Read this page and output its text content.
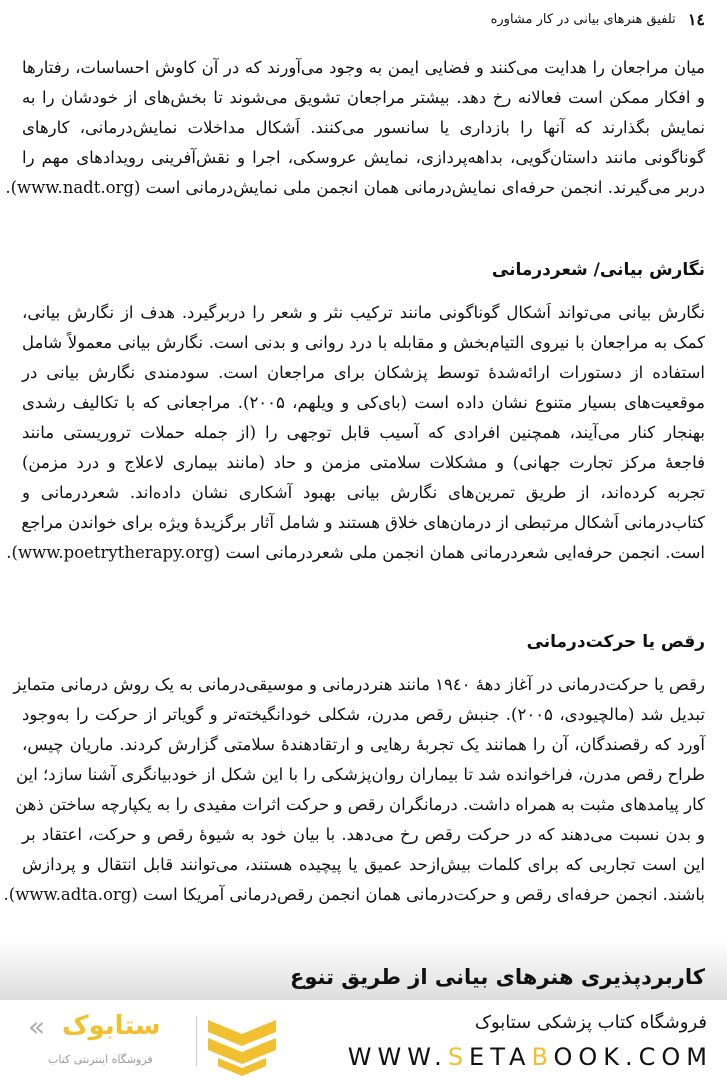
۱٤
تلفیق هنرهای بیانی در کار مشاوره
میان مراجعان را هدایت می‌کنند و فضایی ایمن به وجود می‌آورند که در آن کاوش احساسات، رفتارها
و افکار ممکن است فعالانه رخ دهد. بیشتر مراجعان تشویق می‌شوند تا بخش‌های از خودشان را به
نمایش بگذارند که آنها را بازداری یا سانسور می‌کنند. اَشکال مداخلات نمایش‌درمانی، کارهای
گوناگونی مانند داستان‌گویی، بداهه‌پردازی، نمایش عروسکی، اجرا و نقش‌آفرینی رویدادهای مهم را
دربر می‌گیرند. انجمن حرفه‌ای نمایش‌درمانی همان انجمن ملی نمایش‌درمانی است (www.nadt.org).
نگارش بیانی/ شعردرمانی
نگارش بیانی می‌تواند اَشکال گوناگونی مانند ترکیب نثر و شعر را دربرگیرد. هدف از نگارش بیانی،
کمک به مراجعان با نیروی التیام‌بخش و مقابله با درد روانی و بدنی است. نگارش بیانی معمولاً شامل
استفاده از دستورات ارائه‌شدهٔ توسط پزشکان برای مراجعان است. سودمندی نگارش بیانی در
موقعیت‌های بسیار متنوع نشان داده است (بای‌کی و ویلهم، ۲۰۰۵). مراجعانی که با تکالیف رشدی
بهنجار کنار می‌آیند، همچنین افرادی که آسیب قابل توجهی را (از جمله حملات تروریستی مانند
فاجعهٔ مرکز تجارت جهانی) و مشکلات سلامتی مزمن و حاد (مانند بیماری لاعلاج و درد مزمن)
تجربه کرده‌اند، از طریق تمرین‌های نگارش بیانی بهبود آشکاری نشان داده‌اند. شعردرمانی و
کتاب‌درمانی اَشکال مرتبطی از درمان‌های خلاق هستند و شامل آثار برگزیدهٔ ویژه برای خواندن مراجع
است. انجمن حرفه‌ایی شعردرمانی همان انجمن ملی شعردرمانی است (www.poetrytherapy.org).
رقص یا حرکت‌درمانی
رقص یا حرکت‌درمانی در آغاز دههٔ ۱۹٤۰ مانند هنردرمانی و موسیقی‌درمانی به یک روش درمانی متمایز
تبدیل شد (مالچیودی، ۲۰۰۵). جنبش رقص مدرن، شکلی خودانگیخته‌تر و گویاتر از حرکت را به‌وجود
آورد که رقصندگان، آن را همانند یک تجربهٔ رهایی و ارتقادهندهٔ سلامتی گزارش کردند. ماریان چیس،
طراح رقص مدرن، فراخوانده شد تا بیماران روان‌پزشکی را با این شکل از خودبیانگری آشنا سازد؛ این
کار پیامدهای مثبت به همراه داشت. درمانگران رقص و حرکت اثرات مفیدی را به یکپارچه ساختن ذهن
و بدن نسبت می‌دهند که در حرکت رقص رخ می‌دهد. با بیان خود به شیوهٔ رقص و حرکت، اعتقاد بر
این است تجاربی که برای کلمات بیش‌ازحد عمیق یا پیچیده هستند، می‌توانند قابل انتقال و پردازش
باشند. انجمن حرفه‌ای رقص و حرکت‌درمانی همان انجمن رقص‌درمانی آمریکا است (www.adta.org).
کاربردپذیری هنرهای بیانی از طریق تنوع
« ستابوک
فروشگاه اینترنتی کتاب
فروشگاه کتاب پزشکی ستابوک
WWW.SETABOOK.COM
